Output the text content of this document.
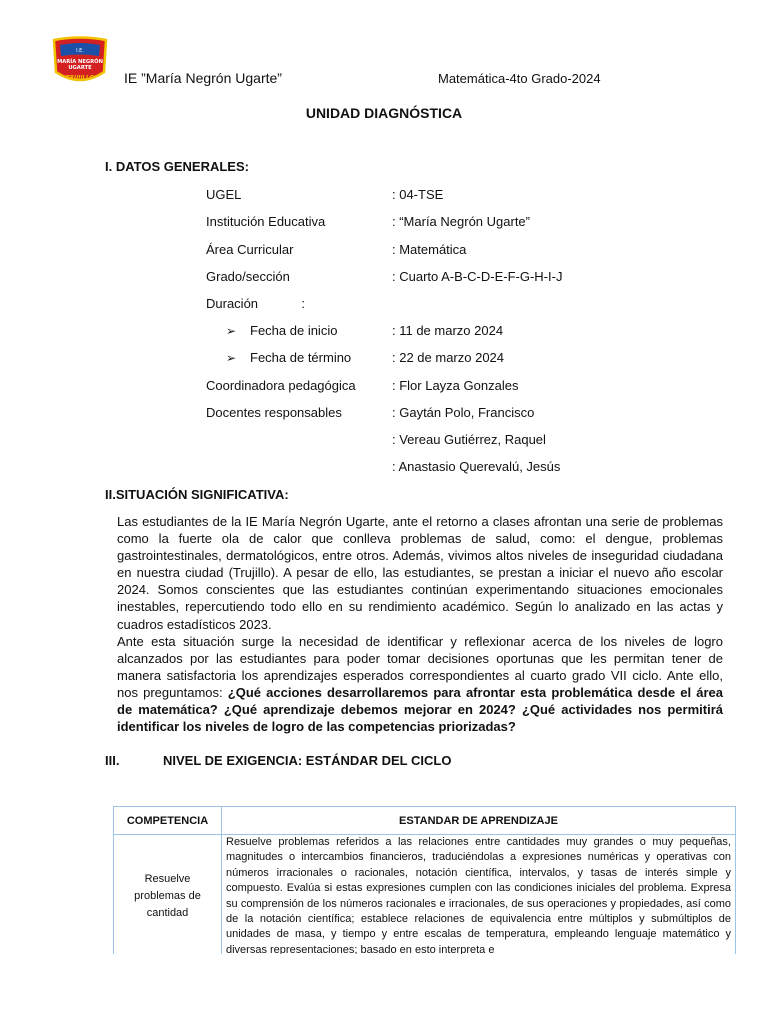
I.E.
MARÍA NEGRÓN
UGARTE
TRUJILLO IE ”María Negrón Ugarte”	Matemática-4to Grado-2024
UNIDAD DIAGNÓSTICA
I. DATOS GENERALES:
UGEL	: 04-TSE
Institución Educativa	: “María Negrón Ugarte”
Área Curricular	: Matemática
Grado/sección	: Cuarto A-B-C-D-E-F-G-H-I-J
Duración            :
➢ Fecha de inicio	: 11 de marzo 2024
➢ Fecha de término	: 22 de marzo 2024
Coordinadora pedagógica	: Flor Layza Gonzales
Docentes responsables	: Gaytán Polo, Francisco
: Vereau Gutiérrez, Raquel
: Anastasio Querevalú, Jesús
II.SITUACIÓN SIGNIFICATIVA:

Las estudiantes de la IE María Negrón Ugarte, ante el retorno a clases afrontan una serie de problemas como la fuerte ola de calor que conlleva problemas de salud, como: el dengue, problemas gastrointestinales, dermatológicos, entre otros. Además, vivimos altos niveles de inseguridad ciudadana en nuestra ciudad (Trujillo). A pesar de ello, las estudiantes, se prestan a iniciar el nuevo año escolar 2024. Somos conscientes que las estudiantes continúan experimentando situaciones emocionales inestables, repercutiendo todo ello en su rendimiento académico. Según lo analizado en las actas y cuadros estadísticos 2023.

Ante esta situación surge la necesidad de identificar y reflexionar acerca de los niveles de logro alcanzados por las estudiantes para poder tomar decisiones oportunas que les permitan tener de manera satisfactoria los aprendizajes esperados correspondientes al cuarto grado VII ciclo. Ante ello, nos preguntamos: ¿Qué acciones desarrollaremos para afrontar esta problemática desde el área de matemática? ¿Qué aprendizaje debemos mejorar en 2024? ¿Qué actividades nos permitirá identificar los niveles de logro de las competencias priorizadas?

III.	NIVEL DE EXIGENCIA: ESTÁNDAR DEL CICLO
COMPETENCIA	ESTANDAR DE APRENDIZAJE

Resuelve problemas de cantidad	Resuelve problemas referidos a las relaciones entre cantidades muy grandes o muy pequeñas, magnitudes o intercambios financieros, traduciéndolas a expresiones numéricas y operativas con números irracionales o racionales, notación científica, intervalos, y tasas de interés simple y compuesto. Evalúa si estas expresiones cumplen con las condiciones iniciales del problema. Expresa su comprensión de los números racionales e irracionales, de sus operaciones y propiedades, así como de la notación científica; establece relaciones de equivalencia entre múltiplos y submúltiplos de unidades de masa, y tiempo y entre escalas de temperatura, empleando lenguaje matemático y diversas representaciones; basado en esto interpreta e
